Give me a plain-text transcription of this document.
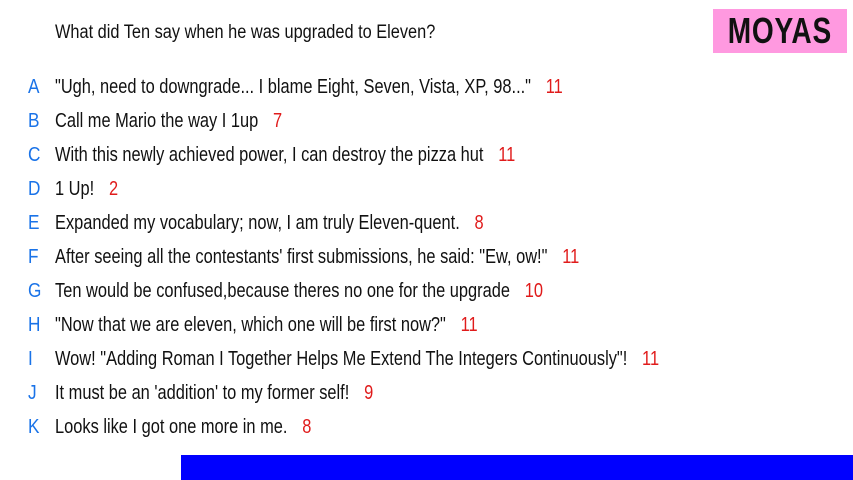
What did Ten say when he was upgraded to Eleven?	MOYAS
A "Ugh, need to downgrade... I blame Eight, Seven, Vista, XP, 98..." 11
B Call me Mario the way I 1up 7
C With this newly achieved power, I can destroy the pizza hut 11
D 1 Up! 2
E Expanded my vocabulary; now, I am truly Eleven-quent. 8
F After seeing all the contestants' first submissions, he said: "Ew, ow!" 11
G Ten would be confused,because theres no one for the upgrade 10
H "Now that we are eleven, which one will be first now?" 11
I	Wow! "Adding Roman I Together Helps Me Extend The Integers Continuously"! 11
J It must be an 'addition' to my former self! 9
K Looks like I got one more in me. 8
